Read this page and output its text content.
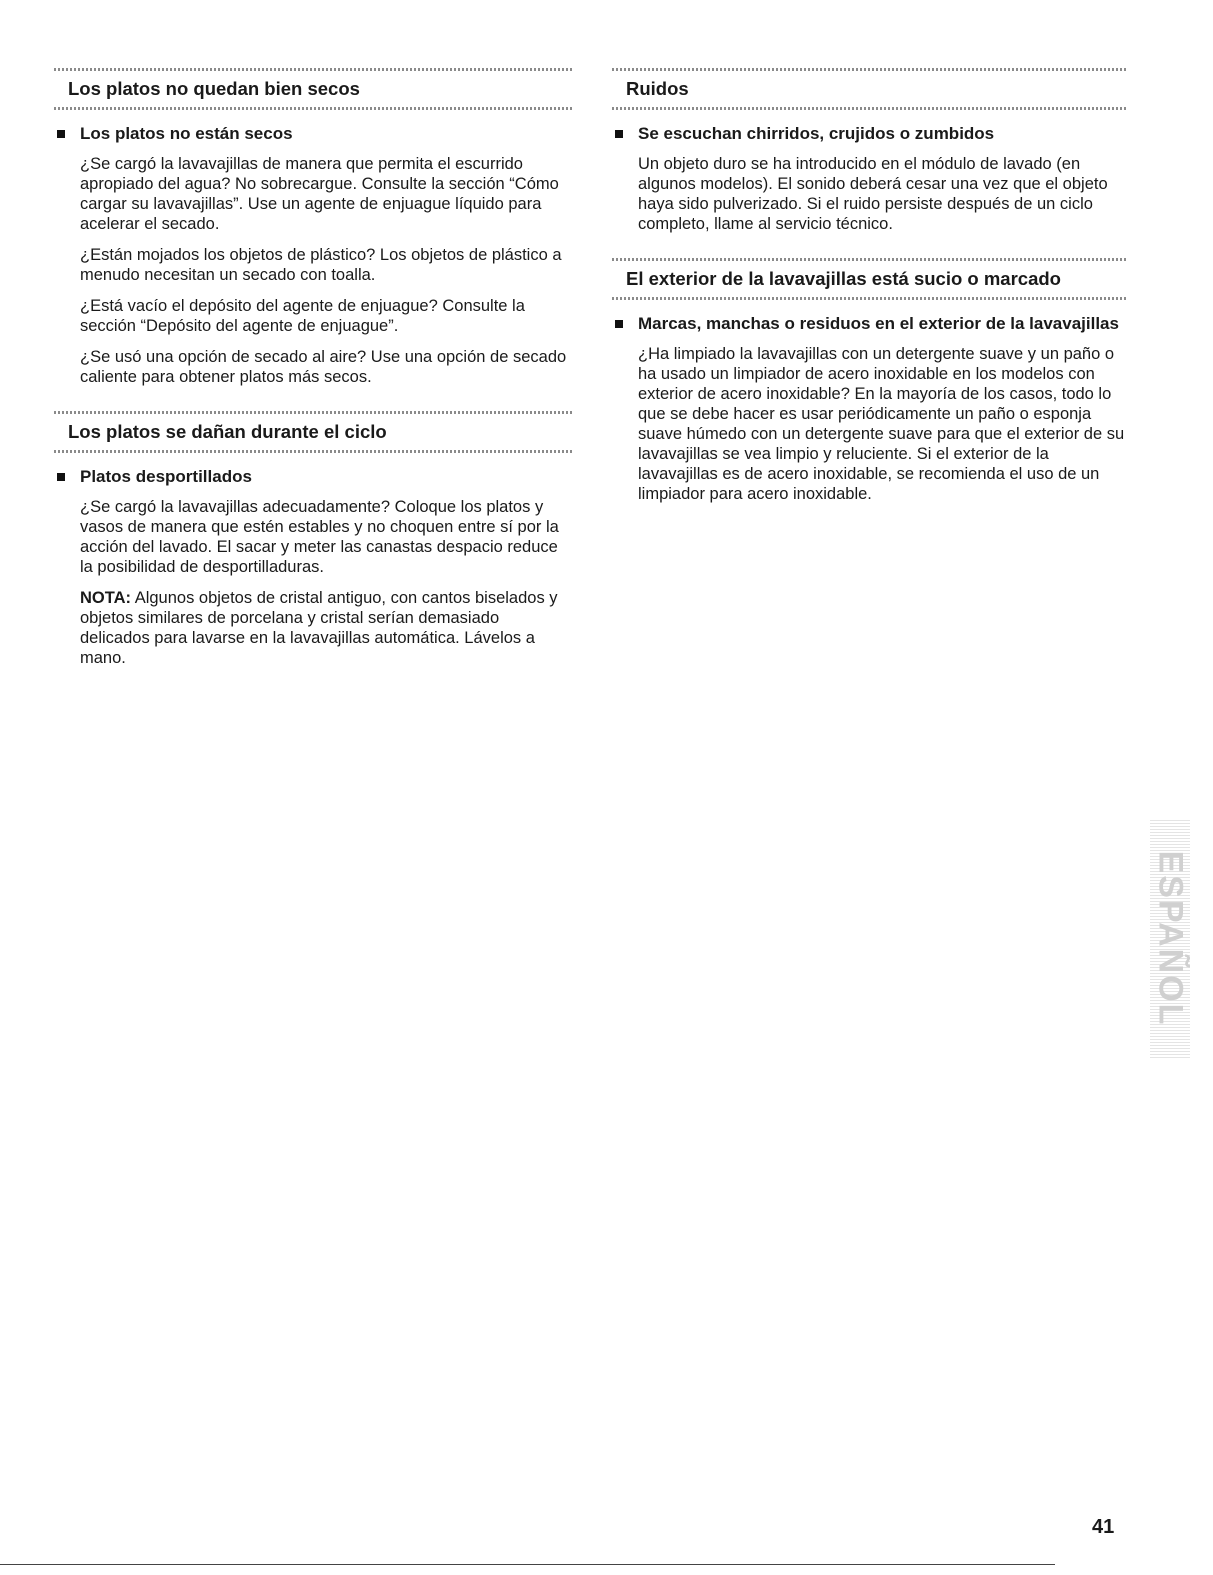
Los platos no quedan bien secos
Los platos no están secos

¿Se cargó la lavavajillas de manera que permita el escurrido apropiado del agua? No sobrecargue. Consulte la sección “Cómo cargar su lavavajillas”. Use un agente de enjuague líquido para acelerar el secado.

¿Están mojados los objetos de plástico? Los objetos de plástico a menudo necesitan un secado con toalla.

¿Está vacío el depósito del agente de enjuague? Consulte la sección “Depósito del agente de enjuague”.

¿Se usó una opción de secado al aire? Use una opción de secado caliente para obtener platos más secos.

Los platos se dañan durante el ciclo
Platos desportillados

¿Se cargó la lavavajillas adecuadamente? Coloque los platos y vasos de manera que estén estables y no choquen entre sí por la acción del lavado. El sacar y meter las canastas despacio reduce la posibilidad de desportilladuras.

NOTA: Algunos objetos de cristal antiguo, con cantos biselados y objetos similares de porcelana y cristal serían demasiado delicados para lavarse en la lavavajillas automática. Lávelos a mano.

Ruidos
Se escuchan chirridos, crujidos o zumbidos

Un objeto duro se ha introducido en el módulo de lavado (en algunos modelos). El sonido deberá cesar una vez que el objeto haya sido pulverizado. Si el ruido persiste después de un ciclo completo, llame al servicio técnico.

El exterior de la lavavajillas está sucio o marcado
Marcas, manchas o residuos en el exterior de la lavavajillas

¿Ha limpiado la lavavajillas con un detergente suave y un paño o ha usado un limpiador de acero inoxidable en los modelos con exterior de acero inoxidable? En la mayoría de los casos, todo lo que se debe hacer es usar periódicamente un paño o esponja suave húmedo con un detergente suave para que el exterior de su lavavajillas se vea limpio y reluciente. Si el exterior de la lavavajillas es de acero inoxidable, se recomienda el uso de un limpiador para acero inoxidable.

ESPAÑOL
41
